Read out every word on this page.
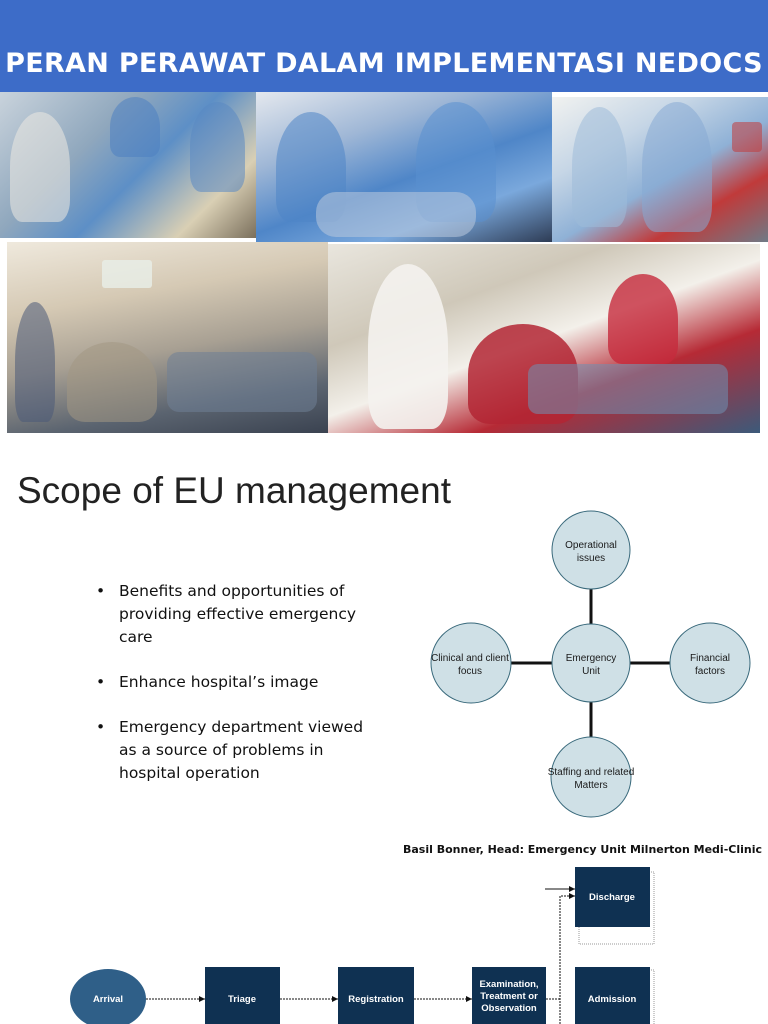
PERAN PERAWAT DALAM IMPLEMENTASI NEDOCS
Scope of EU management
• Benefits and opportunities of providing effective emergency care
• Enhance hospital’s image
• Emergency department viewed as a source of problems in hospital operation
Operational issues
Emergency Unit
Clinical and client focus
Financial factors
Staffing and related Matters
Basil Bonner, Head: Emergency Unit Milnerton Medi-Clinic
Arrival	Triage	Registration
Examination, Treatment or Observation
Discharge
Admission
